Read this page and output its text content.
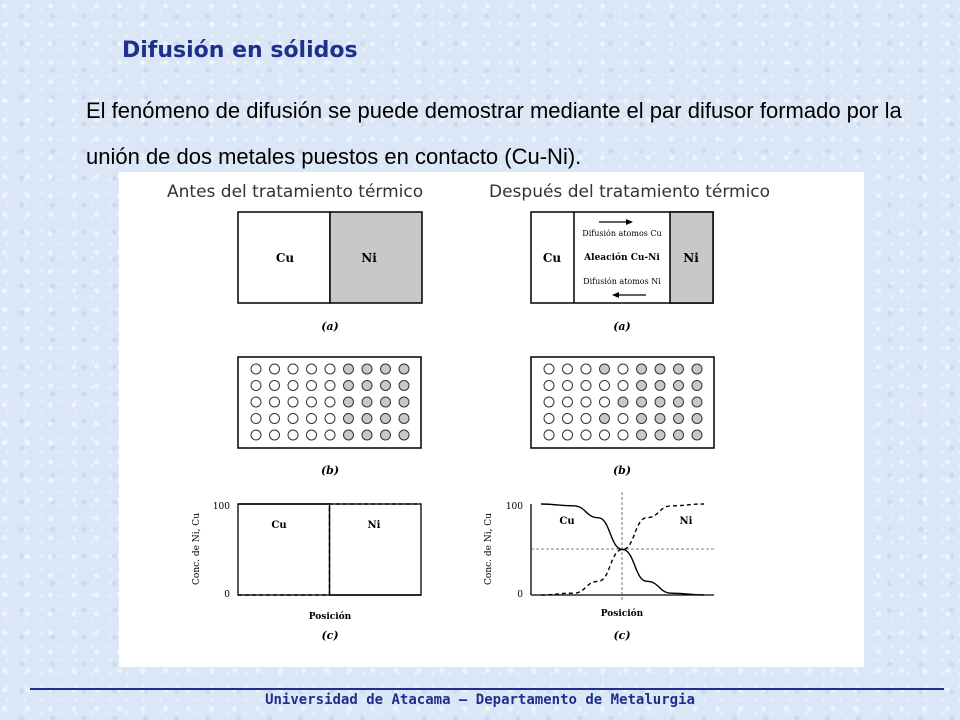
Difusión en sólidos

El fenómeno de difusión se puede demostrar mediante el par difusor formado por la unión de dos metales puestos en contacto (Cu-Ni).

Antes del tratamiento térmico	Después del tratamiento térmico
Cu	Ni
(a)
Cu	Ni
Difusión atomos Cu
Aleación Cu-Ni
Difusión atomos Ni
(a)
(b)	(b)
100
0
Conc. de Ni, Cu	Cu	Ni
Posición
(c)
100
0
Conc. de Ni, Cu	Cu	Ni
Posición
(c)
Universidad de Atacama – Departamento de Metalurgia
